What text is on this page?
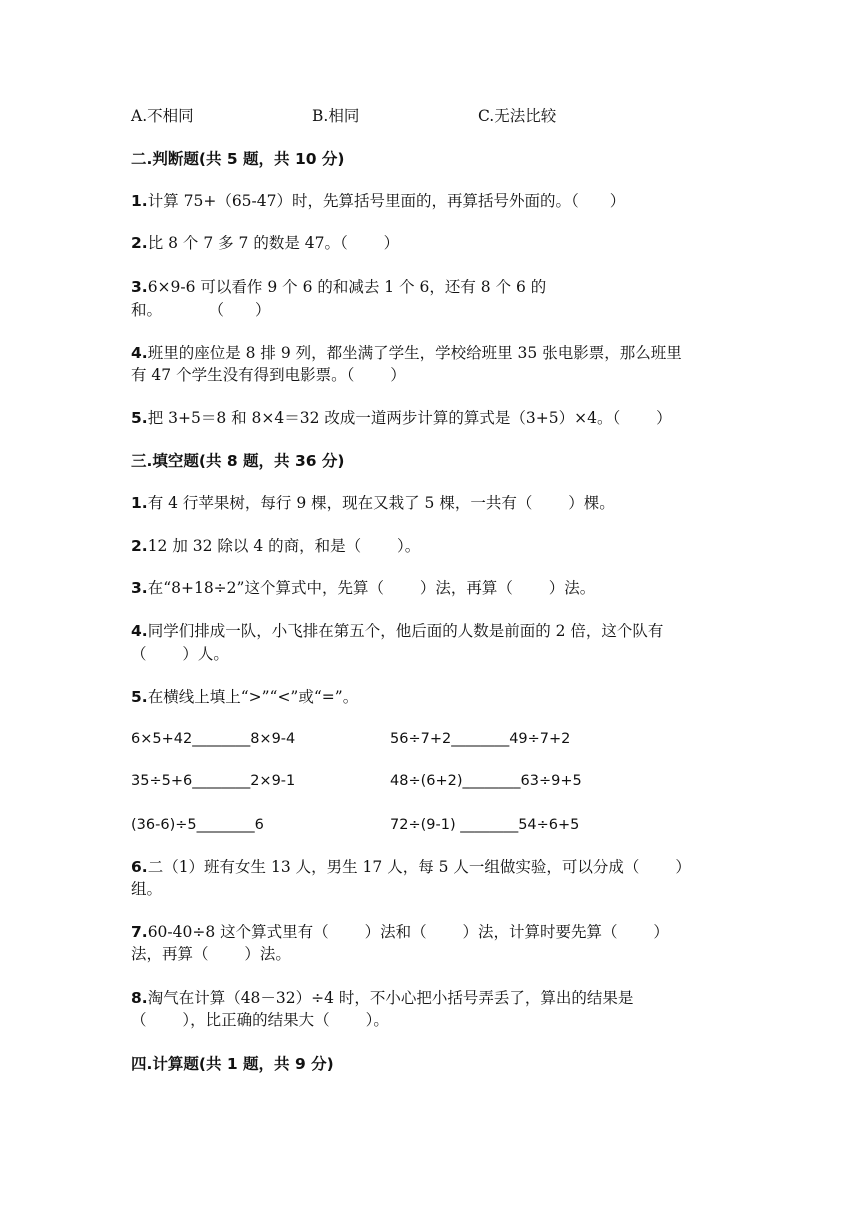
A.不相同	B.相同	C.无法比较
二.判断题(共 5 题，共 10 分)
1.计算 75+（65-47）时，先算括号里面的，再算括号外面的。（　　）
2.比 8 个 7 多 7 的数是 47。（　　 ）
3.6×9-6 可以看作 9 个 6 的和减去 1 个 6，还有 8 个 6 的
和。　　　　（　　）
4.班里的座位是 8 排 9 列，都坐满了学生，学校给班里 35 张电影票，那么班里
有 47 个学生没有得到电影票。（　　 ）
5.把 3+5＝8 和 8×4＝32 改成一道两步计算的算式是（3+5）×4。（　　 ）
三.填空题(共 8 题，共 36 分)
1.有 4 行苹果树，每行 9 棵，现在又栽了 5 棵，一共有（　　 ）棵。
2.12 加 32 除以 4 的商，和是（　　 ）。
3.在“8+18÷2”这个算式中，先算（　　 ）法，再算（　　 ）法。
4.同学们排成一队，小飞排在第五个，他后面的人数是前面的 2 倍，这个队有
（　　 ）人。
5.在横线上填上“>”“<”或“=”。
6×5+42________8×9-4	56÷7+2________49÷7+2
35÷5+6________2×9-1	48÷(6+2)________63÷9+5
(36-6)÷5________6	72÷(9-1) ________54÷6+5
6.二（1）班有女生 13 人，男生 17 人，每 5 人一组做实验，可以分成（　　 ）
组。
7.60-40÷8 这个算式里有（　　 ）法和（　　 ）法，计算时要先算（　　 ）
法，再算（　　 ）法。
8.淘气在计算（48－32）÷4 时，不小心把小括号弄丢了，算出的结果是
（　　 ），比正确的结果大（　　 ）。
四.计算题(共 1 题，共 9 分)
